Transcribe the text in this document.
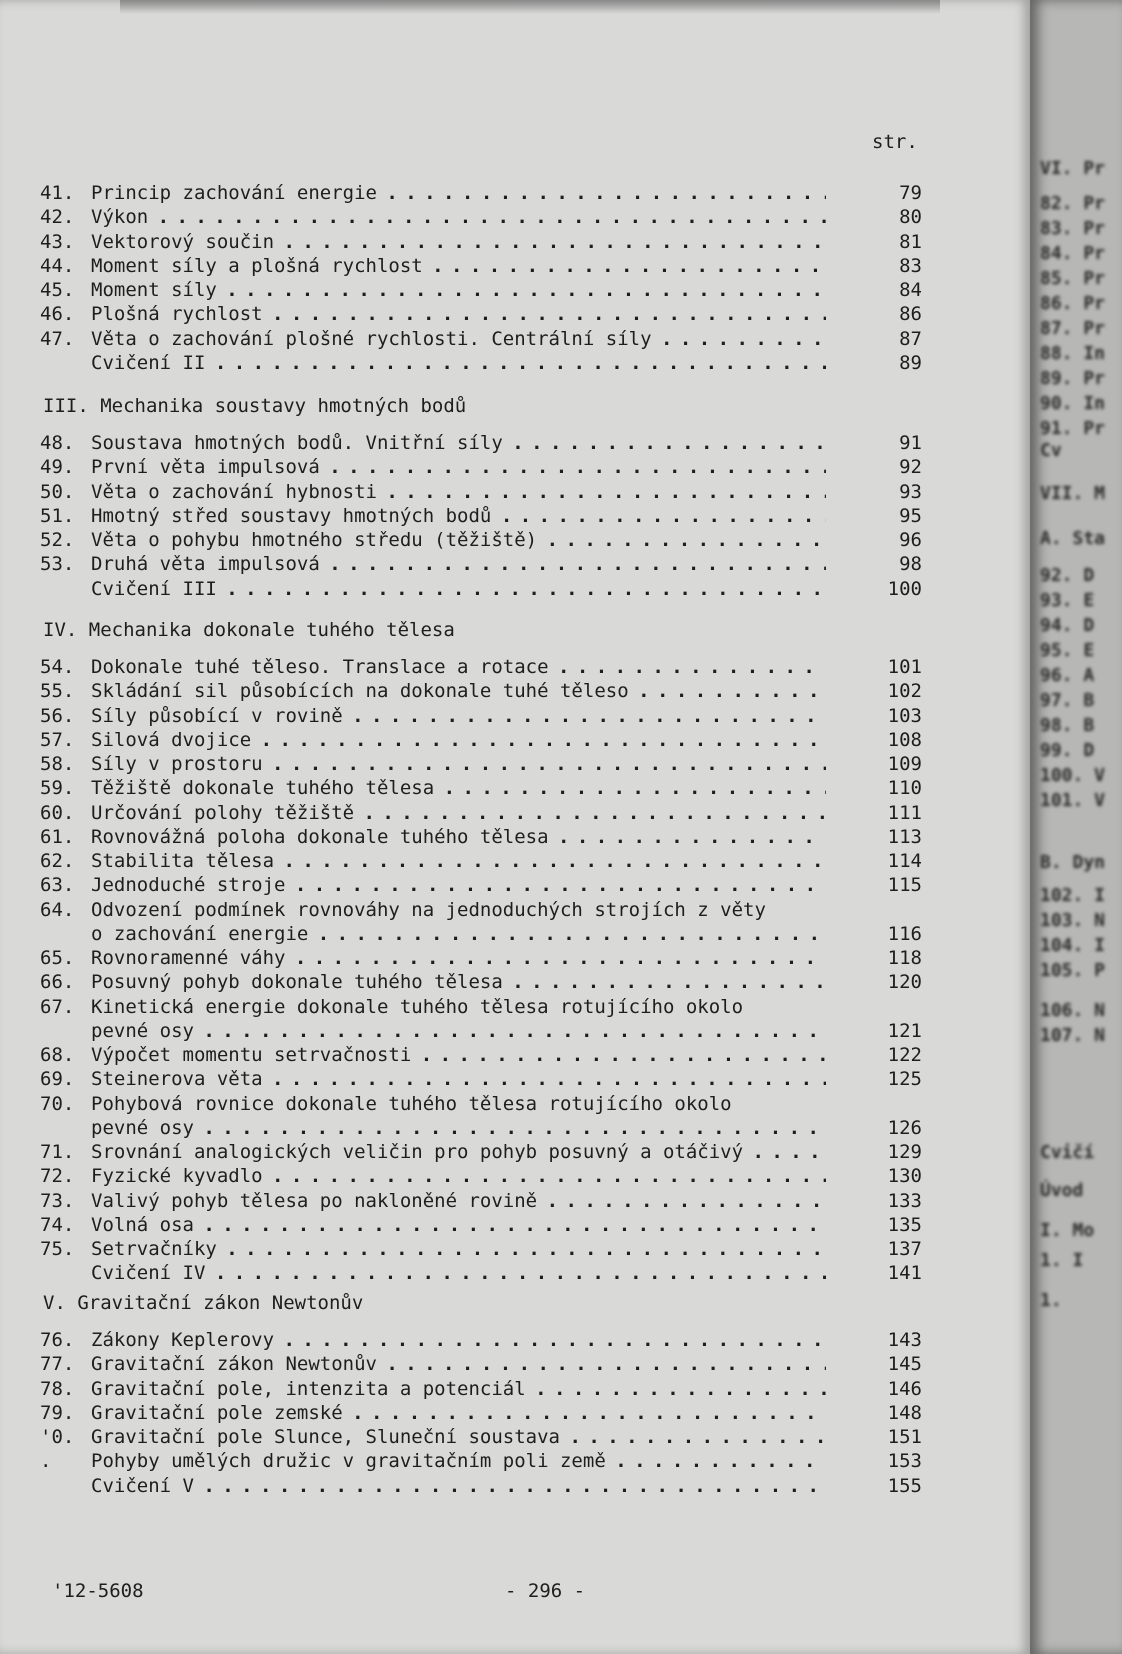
str.
41. Princip zachování energie . . .	79
42. Výkon . . .	80
43. Vektorový součin . . .	81
44. Moment síly a plošná rychlost . . .	83
45. Moment síly . . .	84
46. Plošná rychlost . . .	86
47. Věta o zachování plošné rychlosti. Centrální síly . . .	87
Cvičení II . . .	89
III. Mechanika soustavy hmotných bodů
48. Soustava hmotných bodů. Vnitřní síly . . .	91
49. První věta impulsová . . .	92
50. Věta o zachování hybnosti . . .	93
51. Hmotný střed soustavy hmotných bodů . . .	95
52. Věta o pohybu hmotného středu (těžiště) . . .	96
53. Druhá věta impulsová . . .	98
Cvičení III . . .	100
IV. Mechanika dokonale tuhého tělesa
54. Dokonale tuhé těleso. Translace a rotace . . .	101
55. Skládání sil působících na dokonale tuhé těleso . . .	102
56. Síly působící v rovině . . .	103
57. Silová dvojice . . .	108
58. Síly v prostoru . . .	109
59. Těžiště dokonale tuhého tělesa . . .	110
60. Určování polohy těžiště . . .	111
61. Rovnovážná poloha dokonale tuhého tělesa . . .	113
62. Stabilita tělesa . . .	114
63. Jednoduché stroje . . .	115
64. Odvození podmínek rovnováhy na jednoduchých strojích z věty
o zachování energie . . .	116
65. Rovnoramenné váhy . . .	118
66. Posuvný pohyb dokonale tuhého tělesa . . .	120
67. Kinetická energie dokonale tuhého tělesa rotujícího okolo
pevné osy . . .	121
68. Výpočet momentu setrvačnosti . . .	122
69. Steinerova věta . . .	125
70. Pohybová rovnice dokonale tuhého tělesa rotujícího okolo
pevné osy . . .	126
71. Srovnání analogických veličin pro pohyb posuvný a otáčivý . . .	129
72. Fyzické kyvadlo . . .	130
73. Valivý pohyb tělesa po nakloněné rovině . . .	133
74. Volná osa . . .	135
75. Setrvačníky . . .	137
Cvičení IV . . .	141
V. Gravitační zákon Newtonův
76. Zákony Keplerovy . . .	143
77. Gravitační zákon Newtonův . . .	145
78. Gravitační pole, intenzita a potenciál . . .	146
79. Gravitační pole zemské . . .	148
'0. Gravitační pole Slunce, Sluneční soustava . . .	151
.	Pohyby umělých družic v gravitačním poli země . . .	153
Cvičení V . . .	155
'12-5608	- 296 -
VI. Pr
82. Pr
83. Pr
84. Pr
85. Pr
86. Pr
87. Pr
88. In
89. Pr
90. In
91. Pr
Cv
VII. M
A. Sta
92. D
93. E
94. D
95. E
96. A
97. B
98. B
99. D
100. V
101. V
B. Dyn
102. I
103. N
104. I
105. P
106. N
107. N
Cvičí
Úvod
I. Mo
1. I
1.
